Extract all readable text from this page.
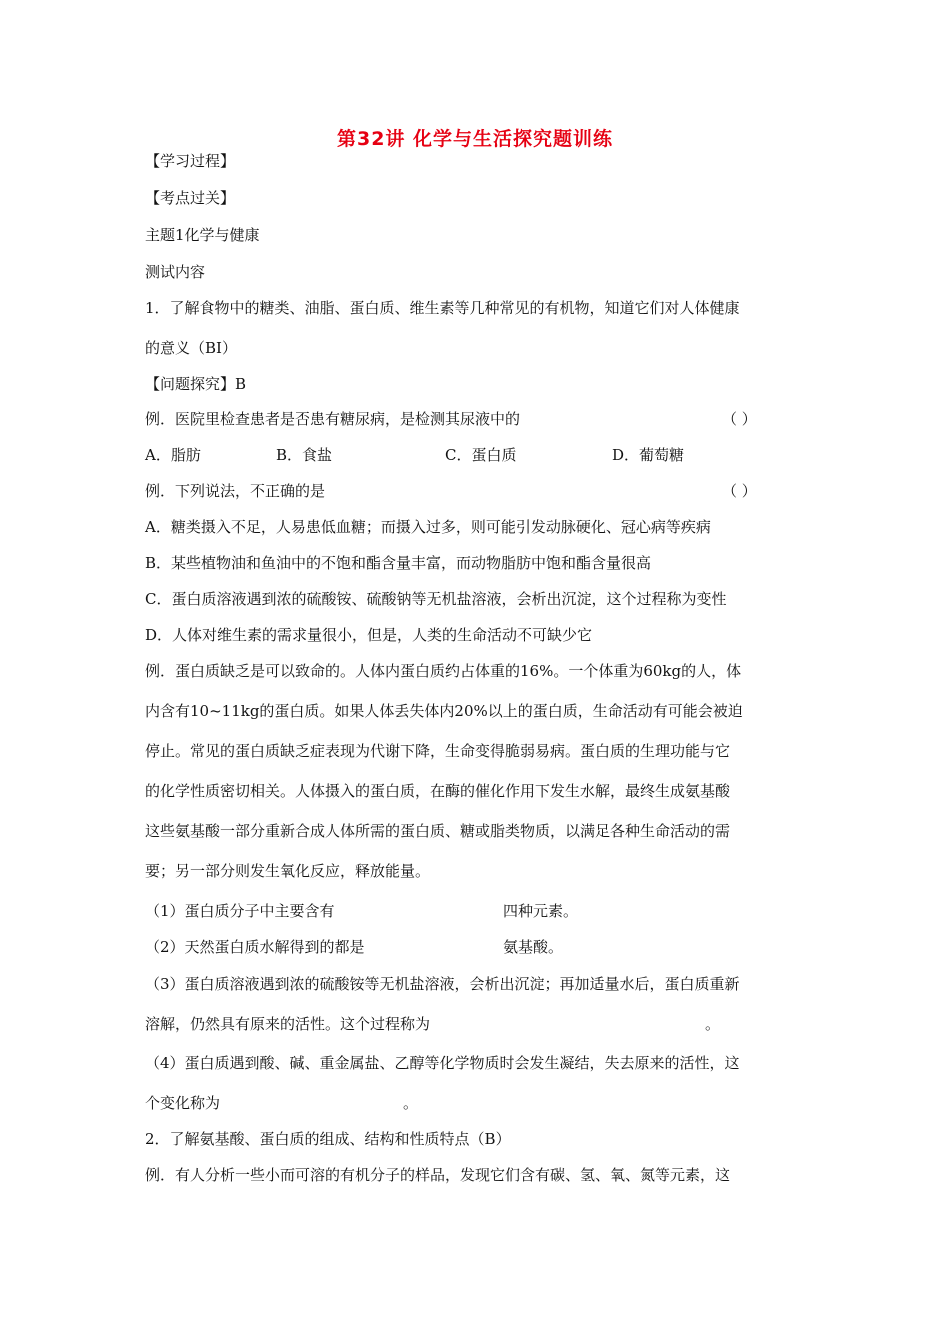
第32讲 化学与生活探究题训练
【学习过程】
【考点过关】
主题1化学与健康
测试内容
1．了解食物中的糖类、油脂、蛋白质、维生素等几种常见的有机物，知道它们对人体健康
的意义（BI）
【问题探究】B
例．医院里检查患者是否患有糖尿病，是检测其尿液中的	（ ）
A．脂肪	B．食盐	C．蛋白质	D．葡萄糖
例．下列说法，不正确的是	（ ）
A．糖类摄入不足，人易患低血糖；而摄入过多，则可能引发动脉硬化、冠心病等疾病
B．某些植物油和鱼油中的不饱和酯含量丰富，而动物脂肪中饱和酯含量很高
C．蛋白质溶液遇到浓的硫酸铵、硫酸钠等无机盐溶液，会析出沉淀，这个过程称为变性
D．人体对维生素的需求量很小，但是，人类的生命活动不可缺少它
例．蛋白质缺乏是可以致命的。人体内蛋白质约占体重的16%。一个体重为60kg的人，体
内含有10~11kg的蛋白质。如果人体丢失体内20%以上的蛋白质，生命活动有可能会被迫
停止。常见的蛋白质缺乏症表现为代谢下降，生命变得脆弱易病。蛋白质的生理功能与它
的化学性质密切相关。人体摄入的蛋白质，在酶的催化作用下发生水解，最终生成氨基酸
这些氨基酸一部分重新合成人体所需的蛋白质、糖或脂类物质，以满足各种生命活动的需
要；另一部分则发生氧化反应，释放能量。
（1）蛋白质分子中主要含有	四种元素。
（2）天然蛋白质水解得到的都是	氨基酸。
（3）蛋白质溶液遇到浓的硫酸铵等无机盐溶液，会析出沉淀；再加适量水后，蛋白质重新
溶解，仍然具有原来的活性。这个过程称为	。
（4）蛋白质遇到酸、碱、重金属盐、乙醇等化学物质时会发生凝结，失去原来的活性，这
个变化称为	。
2．了解氨基酸、蛋白质的组成、结构和性质特点（B）
例．有人分析一些小而可溶的有机分子的样品，发现它们含有碳、氢、氧、氮等元素，这
